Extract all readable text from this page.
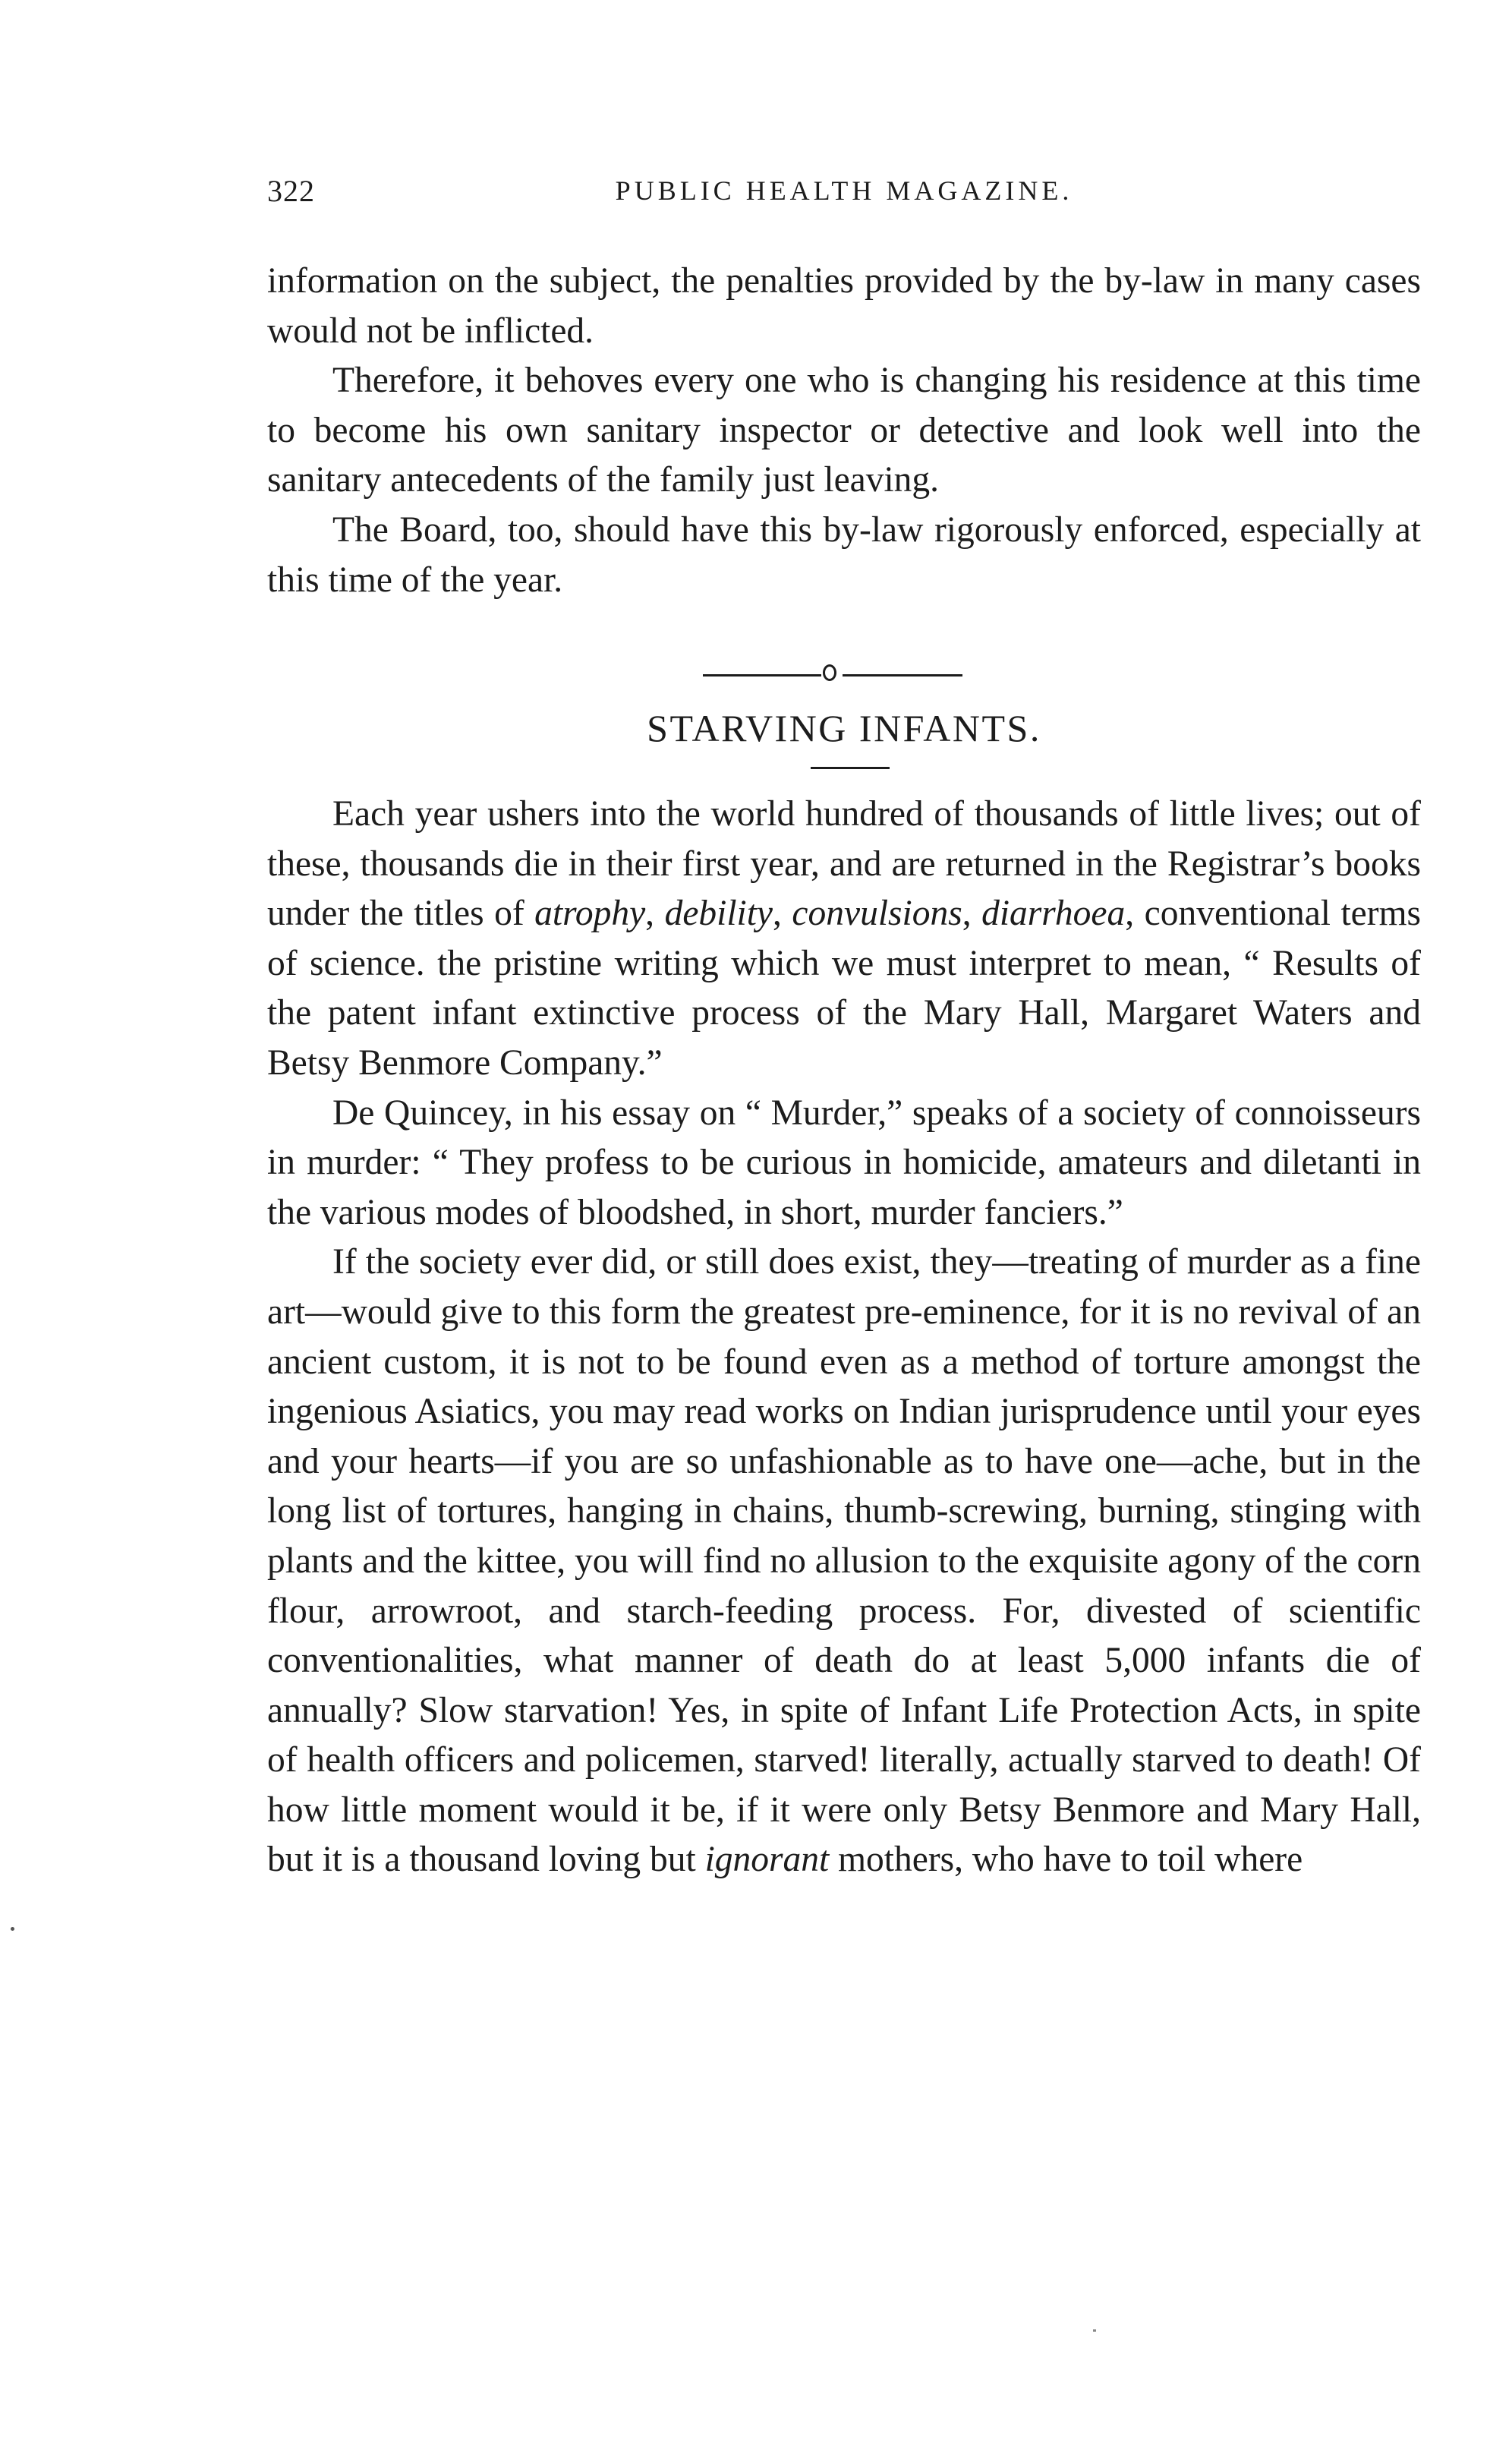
322	PUBLIC HEALTH MAGAZINE.

information on the subject, the penalties provided by the by-law in many cases would not be inflicted.

Therefore, it behoves every one who is changing his residence at this time to become his own sanitary inspector or detective and look well into the sanitary antecedents of the family just leaving.

The Board, too, should have this by-law rigorously enforced, especially at this time of the year.

STARVING INFANTS.

Each year ushers into the world hundred of thousands of little lives; out of these, thousands die in their first year, and are returned in the Registrar’s books under the titles of atrophy, debility, convulsions, diarrhoea, conventional terms of science. the pristine writing which we must interpret to mean, “ Results of the patent infant extinctive process of the Mary Hall, Margaret Waters and Betsy Benmore Company.”

De Quincey, in his essay on “ Murder,” speaks of a society of connoisseurs in murder: “ They profess to be curious in homicide, amateurs and diletanti in the various modes of bloodshed, in short, murder fanciers.”

If the society ever did, or still does exist, they—treating of murder as a fine art—would give to this form the greatest pre-eminence, for it is no revival of an ancient custom, it is not to be found even as a method of torture amongst the ingenious Asiatics, you may read works on Indian jurisprudence until your eyes and your hearts—if you are so unfashionable as to have one—ache, but in the long list of tortures, hanging in chains, thumb-screwing, burning, stinging with plants and the kittee, you will find no allusion to the exquisite agony of the corn flour, arrowroot, and starch-feeding process. For, divested of scientific conventionalities, what manner of death do at least 5,000 infants die of annually? Slow starvation! Yes, in spite of Infant Life Protection Acts, in spite of health officers and policemen, starved! literally, actually starved to death! Of how little moment would it be, if it were only Betsy Benmore and Mary Hall, but it is a thousand loving but ignorant mothers, who have to toil where
